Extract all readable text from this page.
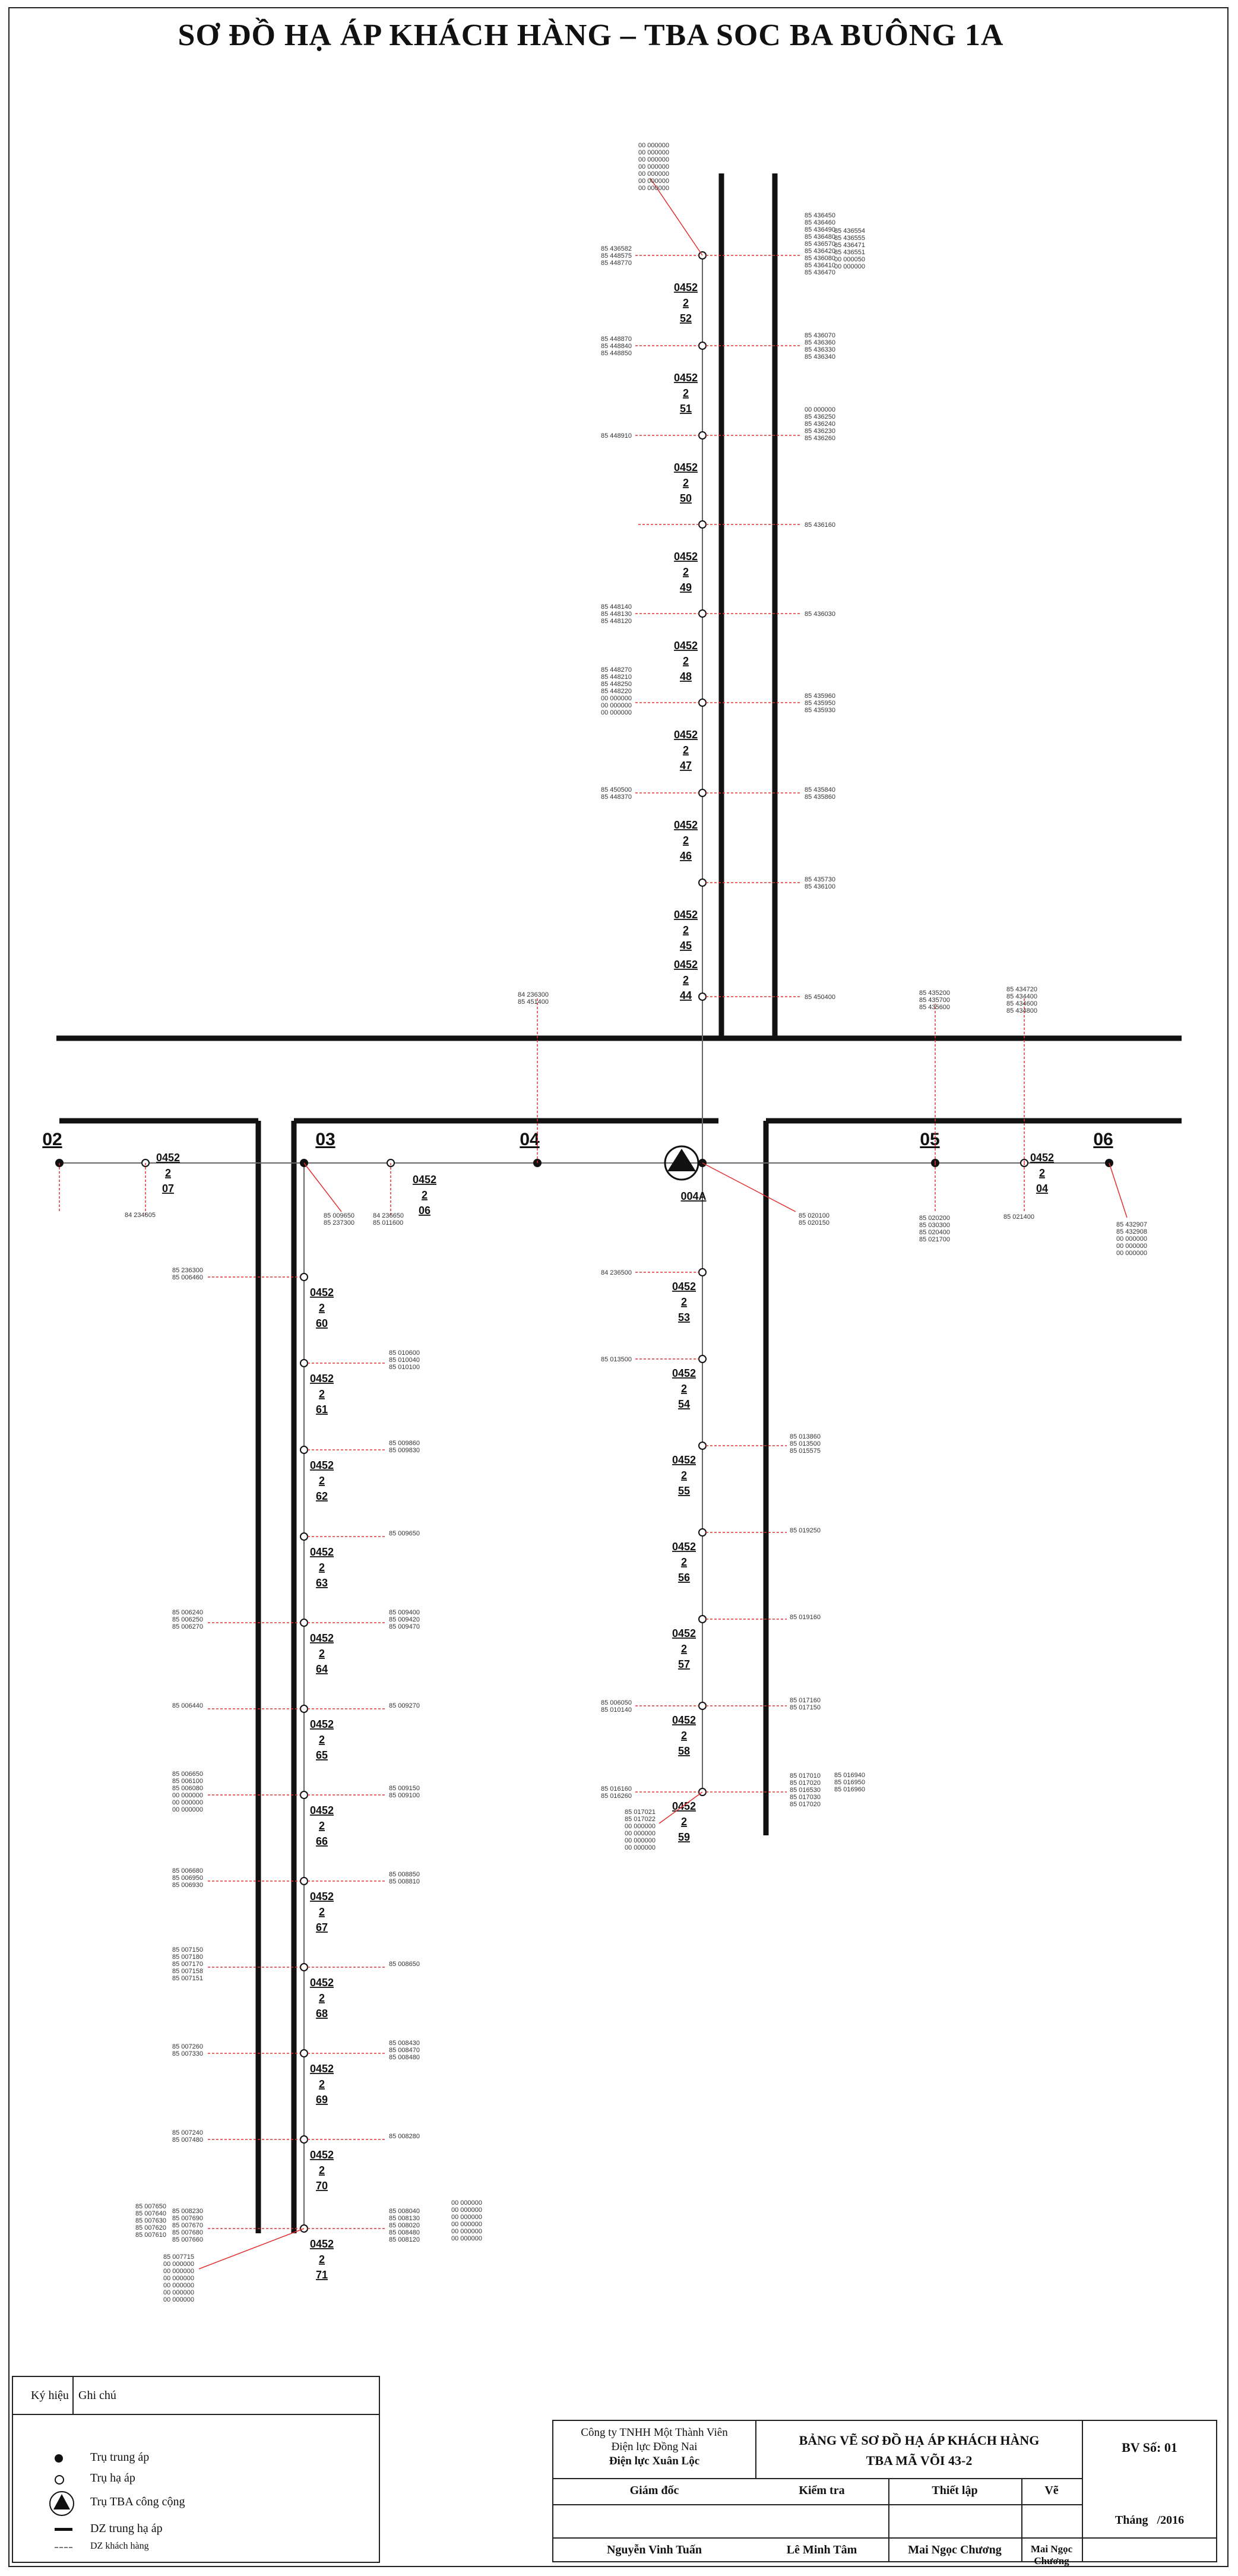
SƠ ĐỒ HẠ ÁP KHÁCH HÀNG – TBA SOC BA BUÔNG 1A
02	03	04	05	06
004A
0452
2
52
85 436582
85 448575
85 448770
85 436450
85 436460
85 436490
85 436480
85 436570
85 436420
85 436080
85 436410
85 436470
0452
2
51
85 448870
85 448840
85 448850
85 436070
85 436360
85 436330
85 436340
0452
2
50
85 448910
00 000000
85 436250
85 436240
85 436230
85 436260
0452
2
49
85 436160
0452
2
48
85 448140
85 448130
85 448120
85 436030
0452
2
47
85 448270
85 448210
85 448250
85 448220
00 000000
00 000000
00 000000
85 435960
85 435950
85 435930
0452
2
46
85 450500
85 448370
85 435840
85 435860
0452
2
45
85 435730
85 436100
0452
2
44	85 450400
00 000000
00 000000
00 000000
00 000000
00 000000
00 000000
00 000000
85 436554
85 436555
85 436471
85 436551
00 000050
00 000000
0452
2
60
85 236300
85 006460
0452
2
61
85 010600
85 010040
85 010100
0452
2
62
85 009860
85 009830
0452
2
63
85 009650
0452
2
64
85 006240
85 006250
85 006270
85 009400
85 009420
85 009470
0452
2
65
85 006440	85 009270
0452
2
66
85 006650
85 006100
85 006080
00 000000
00 000000
00 000000
85 009150
85 009100
0452
2
67
85 006680
85 006950
85 006930
85 008850
85 008810
0452
2
68
85 007150
85 007180
85 007170
85 007158
85 007151
85 008650
0452
2
69
85 007260
85 007330
85 008430
85 008470
85 008480
0452
2
70
85 007240
85 007480	85 008280
0452
2
71
85 008230
85 007690
85 007670
85 007680
85 007660
85 008040
85 008130
85 008020
85 008480
85 008120
85 007650
85 007640
85 007630
85 007620
85 007610
00 000000
00 000000
00 000000
00 000000
00 000000
00 000000
85 007715
00 000000
00 000000
00 000000
00 000000
00 000000
00 000000
0452
2
53
84 236500
0452
2
54
85 013500
0452
2
55
85 013860
85 013500
85 015575
0452
2
56
85 019250
0452
2
57
85 019160
0452
2
58
85 006050
85 010140
85 017160
85 017150
0452
2
59
85 016160
85 016260
85 017010
85 017020
85 016530
85 017030
85 017020
85 016940
85 016950
85 016960
85 017021
85 017022
00 000000
00 000000
00 000000
00 000000
0452
2
07
84 234605	85 009650
85 237300
0452
2
06
84 236650
85 011600
84 236300
85 451400
85 020100
85 020150
85 435200
85 435700
85 435600
85 020200
85 030300
85 020400
85 021700
0452
2
04
85 434720
85 434400
85 434600
85 434800
85 021400
85 432907
85 432908
00 000000
00 000000
00 000000
Ký hiệu Ghi chú
Trụ trung áp
Trụ hạ áp
Trụ TBA công cộng
DZ trung hạ áp
DZ khách hàng
Công ty TNHH Một Thành Viên
Điện lực Đồng Nai
Điện lực Xuân Lộc
BẢNG VẼ SƠ ĐỒ HẠ ÁP KHÁCH HÀNG
TBA MÃ VÕI 43-2
BV Số: 01
Giám đốc	Kiểm tra	Thiết lập	Vẽ
Tháng /2016
Nguyễn Vinh Tuấn	Lê Minh Tâm	Mai Ngọc Chương	Mai Ngọc Chương
